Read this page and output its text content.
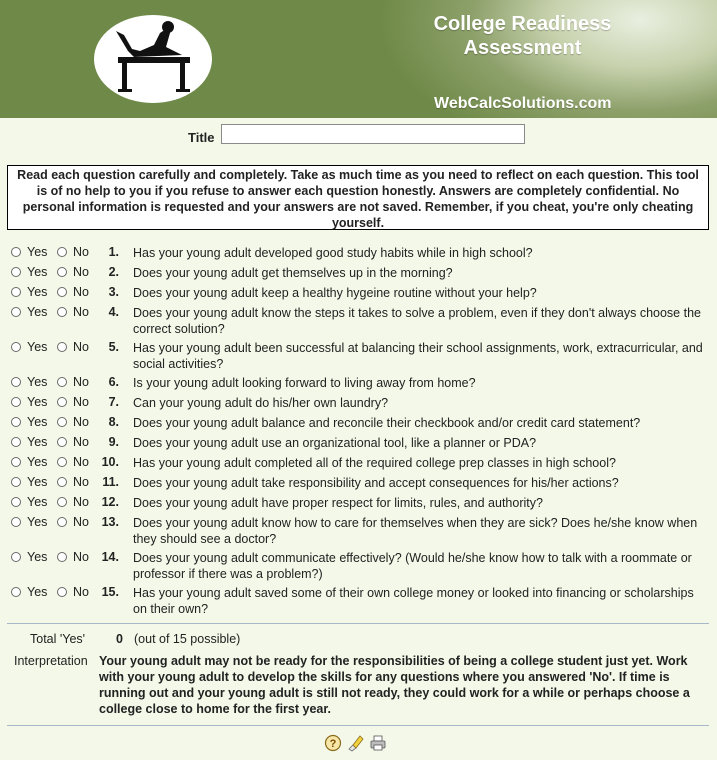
College Readiness
Assessment
WebCalcSolutions.com
Title
Read each question carefully and completely. Take as much time as you need to reflect on each question. This tool is of no help to you if you refuse to answer each question honestly. Answers are completely confidential. No personal information is requested and your answers are not saved. Remember, if you cheat, you're only cheating yourself.
Yes No	1. Has your young adult developed good study habits while in high school?
Yes No	2. Does your young adult get themselves up in the morning?
Yes No	3. Does your young adult keep a healthy hygeine routine without your help?
Yes No	4. Does your young adult know the steps it takes to solve a problem, even if they don't always choose the correct solution?
Yes No	5. Has your young adult been successful at balancing their school assignments, work, extracurricular, and social activities?
Yes No	6. Is your young adult looking forward to living away from home?
Yes No	7. Can your young adult do his/her own laundry?
Yes No	8. Does your young adult balance and reconcile their checkbook and/or credit card statement?
Yes No	9. Does your young adult use an organizational tool, like a planner or PDA?
Yes No	10. Has your young adult completed all of the required college prep classes in high school?
Yes No	11. Does your young adult take responsibility and accept consequences for his/her actions?
Yes No	12. Does your young adult have proper respect for limits, rules, and authority?
Yes No	13. Does your young adult know how to care for themselves when they are sick? Does he/she know when they should see a doctor?
Yes No	14. Does your young adult communicate effectively? (Would he/she know how to talk with a roommate or professor if there was a problem?)
Yes No	15. Has your young adult saved some of their own college money or looked into financing or scholarships on their own?
Total 'Yes' 0 (out of 15 possible)
Interpretation Your young adult may not be ready for the responsibilities of being a college student just yet. Work with your young adult to develop the skills for any questions where you answered 'No'. If time is running out and your young adult is still not ready, they could work for a while or perhaps choose a college close to home for the first year.
?
